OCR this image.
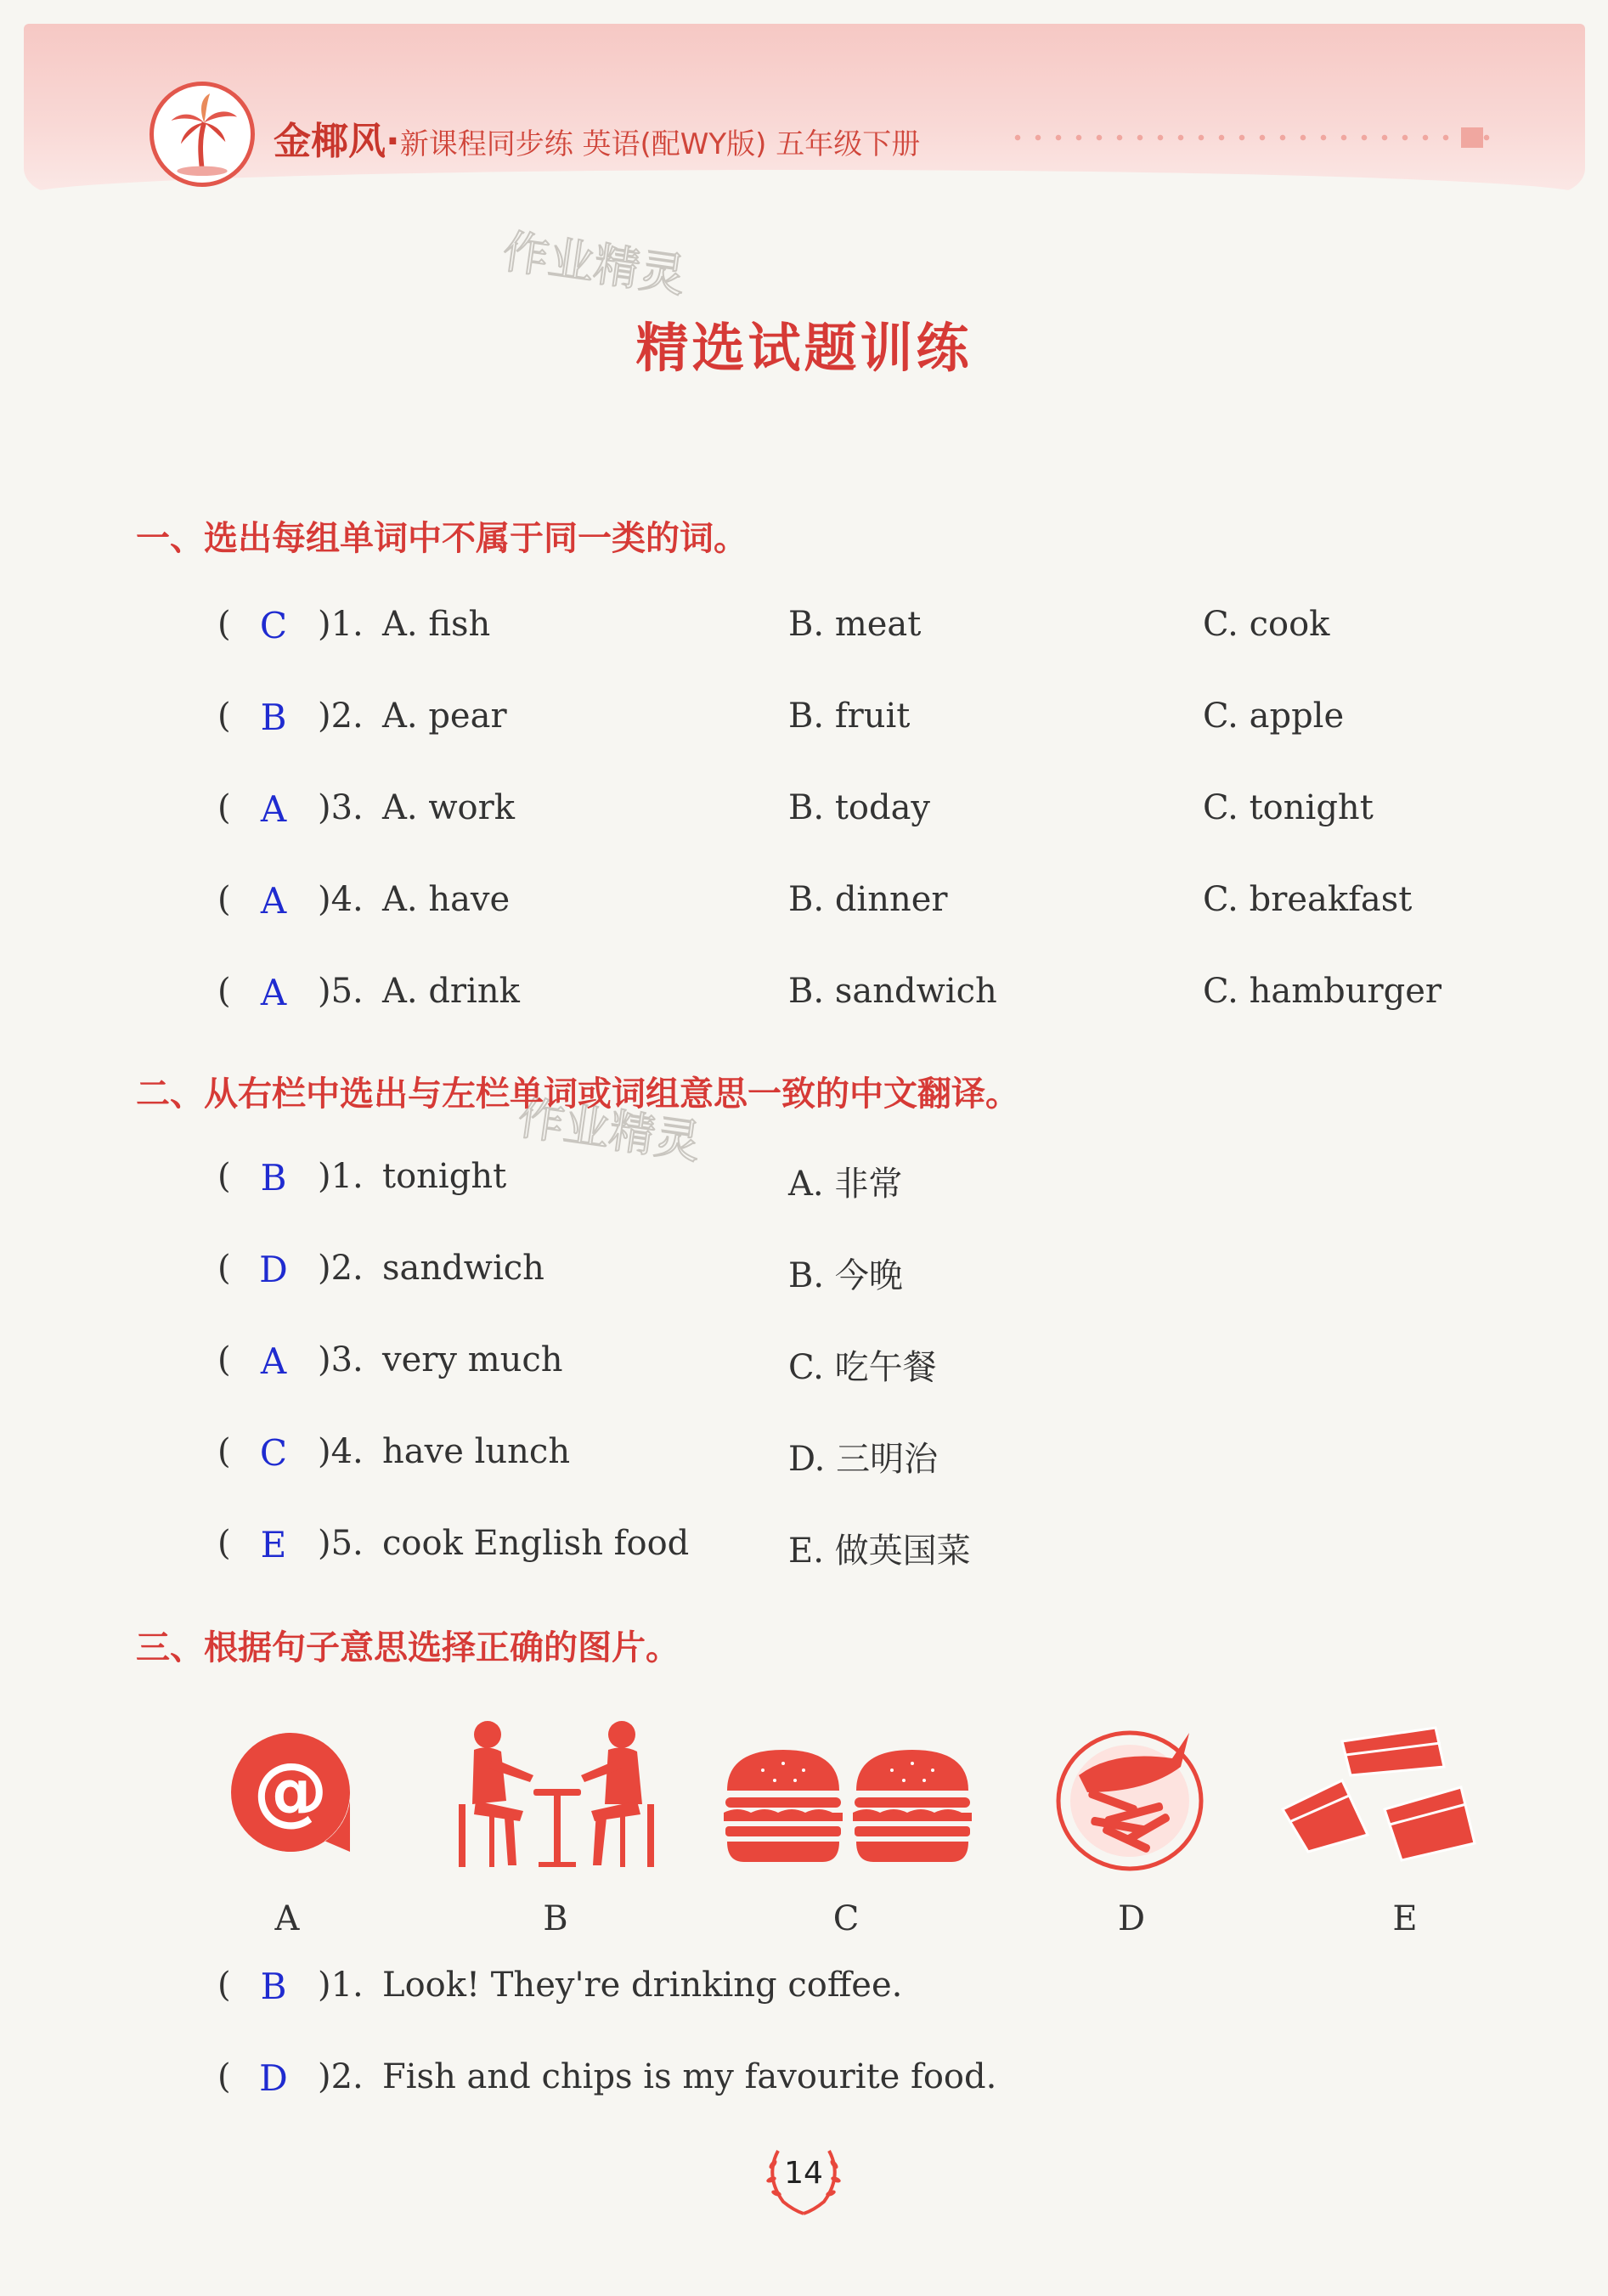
金椰风·新课程同步练 英语(配WY版) 五年级下册
作业精灵
作业精灵
精选试题训练
一、选出每组单词中不属于同一类的词。
( C )1. A. fish	B. meat	C. cook
( B )2. A. pear	B. fruit	C. apple
( A )3. A. work	B. today	C. tonight
( A )4. A. have	B. dinner	C. breakfast
( A )5. A. drink	B. sandwich	C. hamburger
二、从右栏中选出与左栏单词或词组意思一致的中文翻译。
( B )1. tonight	A. 非常
( D )2. sandwich	B. 今晚
( A )3. very much	C. 吃午餐
( C )4. have lunch	D. 三明治
( E )5. cook English food	E. 做英国菜
三、根据句子意思选择正确的图片。
@
A	B	C	D	E
( B )1. Look! They're drinking coffee.
( D )2. Fish and chips is my favourite food.
14
